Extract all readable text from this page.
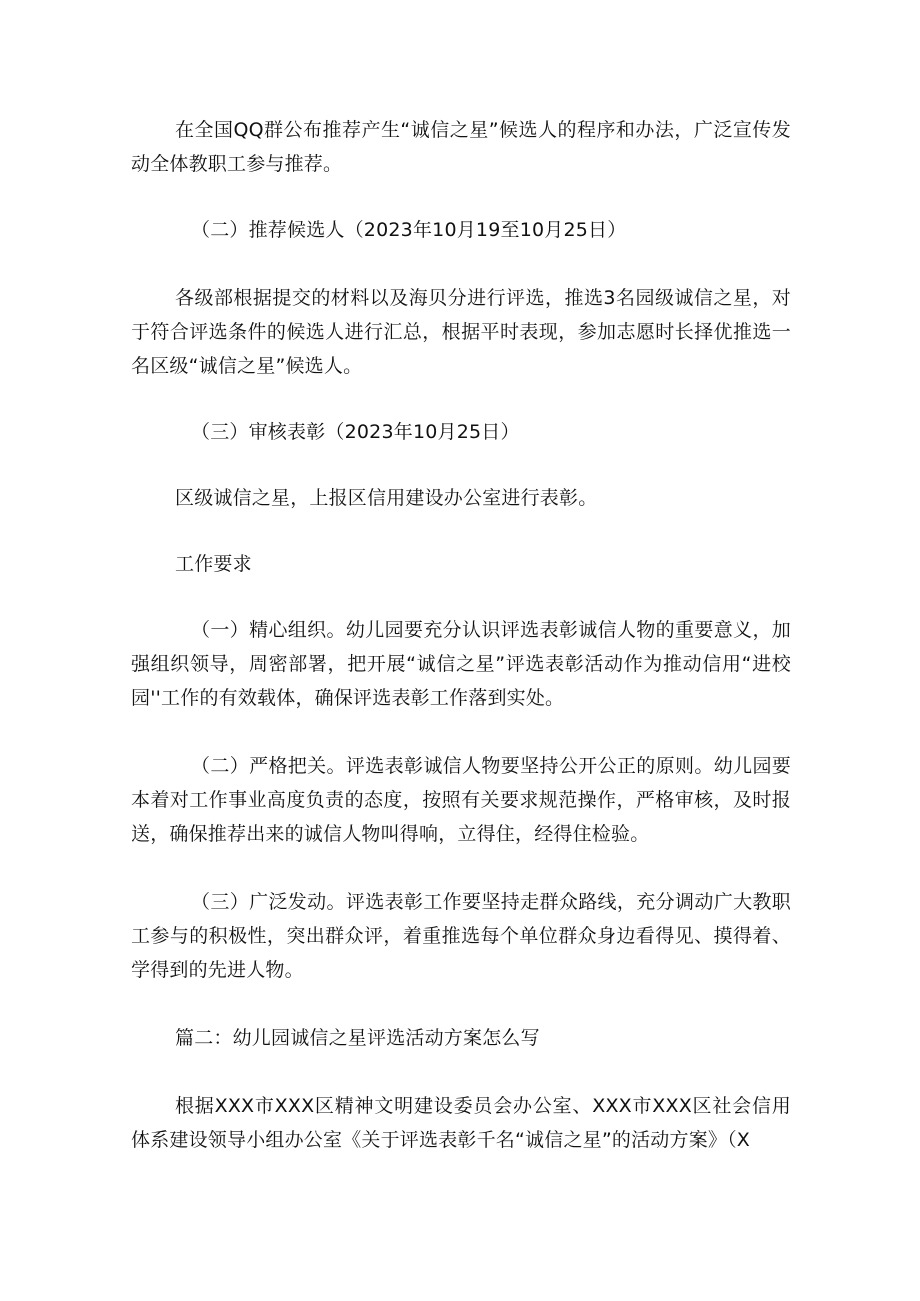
在全国QQ群公布推荐产生“诚信之星”候选人的程序和办法，广泛宣传发动全体教职工参与推荐。

（二）推荐候选人（2023年10月19至10月25日）

各级部根据提交的材料以及海贝分进行评选，推选3名园级诚信之星，对于符合评选条件的候选人进行汇总，根据平时表现，参加志愿时长择优推选一名区级“诚信之星”候选人。

（三）审核表彰（2023年10月25日）

区级诚信之星，上报区信用建设办公室进行表彰。

工作要求

（一）精心组织。幼儿园要充分认识评选表彰诚信人物的重要意义，加强组织领导，周密部署，把开展“诚信之星”评选表彰活动作为推动信用“进校园''工作的有效载体，确保评选表彰工作落到实处。

（二）严格把关。评选表彰诚信人物要坚持公开公正的原则。幼儿园要本着对工作事业高度负责的态度，按照有关要求规范操作，严格审核，及时报送，确保推荐出来的诚信人物叫得响，立得住，经得住检验。

（三）广泛发动。评选表彰工作要坚持走群众路线，充分调动广大教职工参与的积极性，突出群众评，着重推选每个单位群众身边看得见、摸得着、学得到的先进人物。

篇二：幼儿园诚信之星评选活动方案怎么写

根据XXX市XXX区精神文明建设委员会办公室、XXX市XXX区社会信用体系建设领导小组办公室《关于评选表彰千名“诚信之星”的活动方案》（X
